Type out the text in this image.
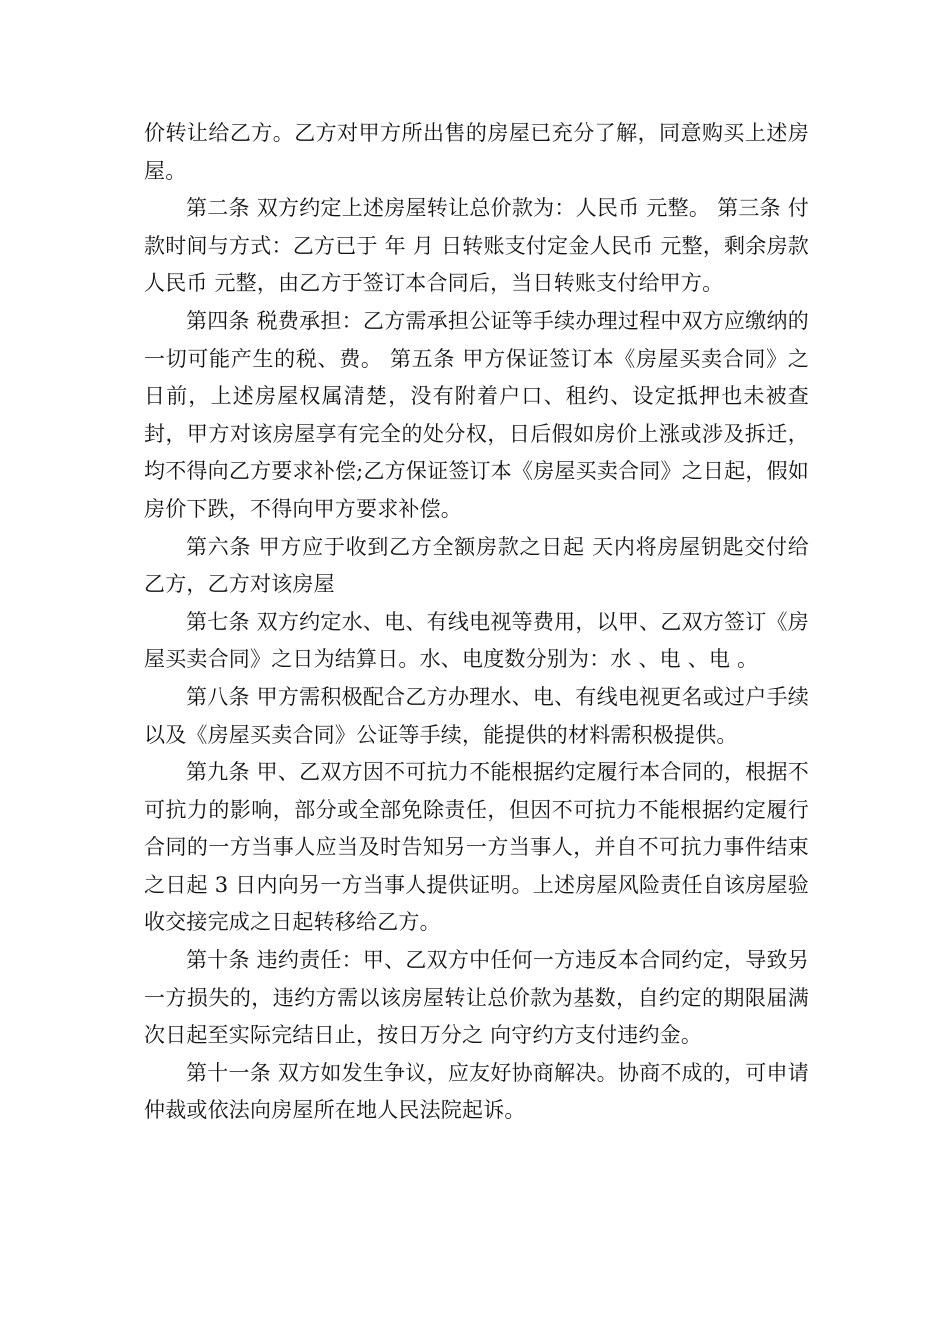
价转让给乙方。乙方对甲方所出售的房屋已充分了解，同意购买上述房屋。

第二条 双方约定上述房屋转让总价款为：人民币 元整。 第三条 付款时间与方式：乙方已于 年 月 日转账支付定金人民币 元整，剩余房款人民币 元整，由乙方于签订本合同后，当日转账支付给甲方。

第四条 税费承担：乙方需承担公证等手续办理过程中双方应缴纳的一切可能产生的税、费。 第五条 甲方保证签订本《房屋买卖合同》之日前，上述房屋权属清楚，没有附着户口、租约、设定抵押也未被查封，甲方对该房屋享有完全的处分权，日后假如房价上涨或涉及拆迁，均不得向乙方要求补偿;乙方保证签订本《房屋买卖合同》之日起，假如房价下跌，不得向甲方要求补偿。

第六条 甲方应于收到乙方全额房款之日起 天内将房屋钥匙交付给乙方，乙方对该房屋

第七条 双方约定水、电、有线电视等费用，以甲、乙双方签订《房屋买卖合同》之日为结算日。水、电度数分别为：水 、电 、电 。

第八条 甲方需积极配合乙方办理水、电、有线电视更名或过户手续以及《房屋买卖合同》公证等手续，能提供的材料需积极提供。

第九条 甲、乙双方因不可抗力不能根据约定履行本合同的，根据不可抗力的影响，部分或全部免除责任，但因不可抗力不能根据约定履行合同的一方当事人应当及时告知另一方当事人，并自不可抗力事件结束之日起 3 日内向另一方当事人提供证明。上述房屋风险责任自该房屋验收交接完成之日起转移给乙方。

第十条 违约责任：甲、乙双方中任何一方违反本合同约定，导致另一方损失的，违约方需以该房屋转让总价款为基数，自约定的期限届满次日起至实际完结日止，按日万分之 向守约方支付违约金。

第十一条 双方如发生争议，应友好协商解决。协商不成的，可申请仲裁或依法向房屋所在地人民法院起诉。
